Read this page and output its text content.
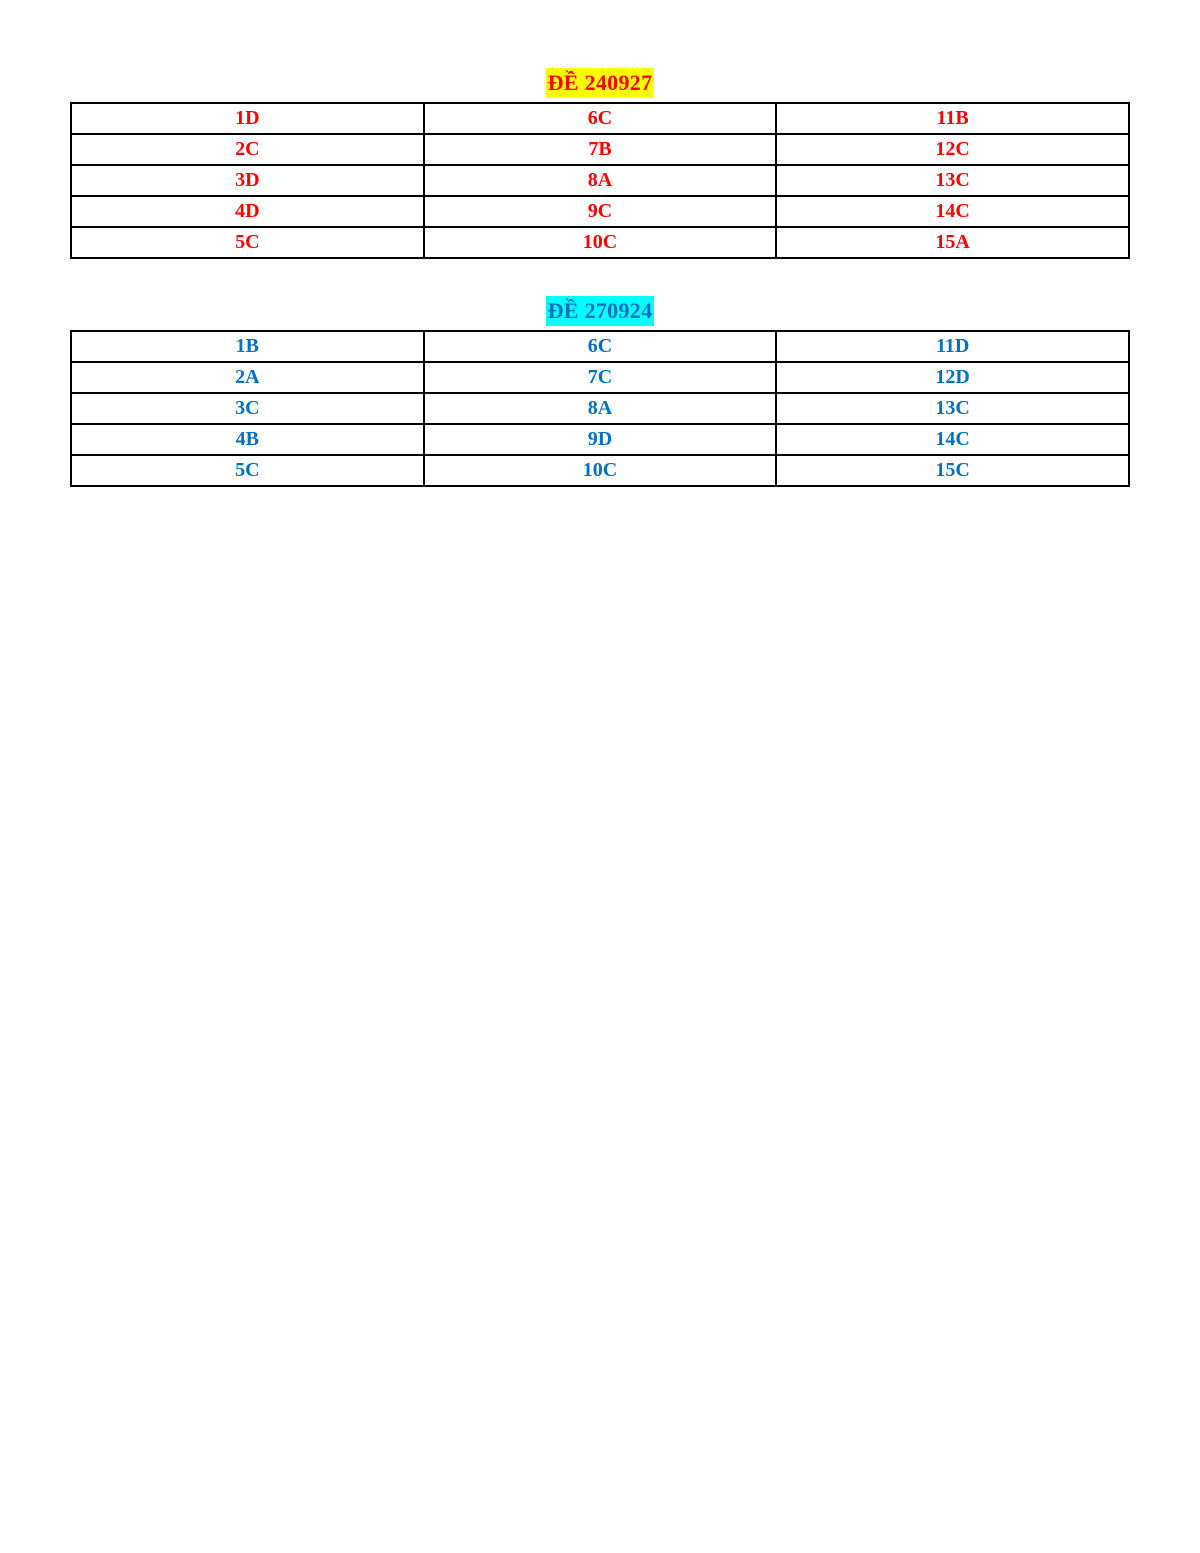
ĐỀ 240927
1D	6C	11B
2C	7B	12C
3D	8A	13C
4D	9C	14C
5C	10C	15A
ĐỀ 270924
1B	6C	11D
2A	7C	12D
3C	8A	13C
4B	9D	14C
5C	10C	15C
